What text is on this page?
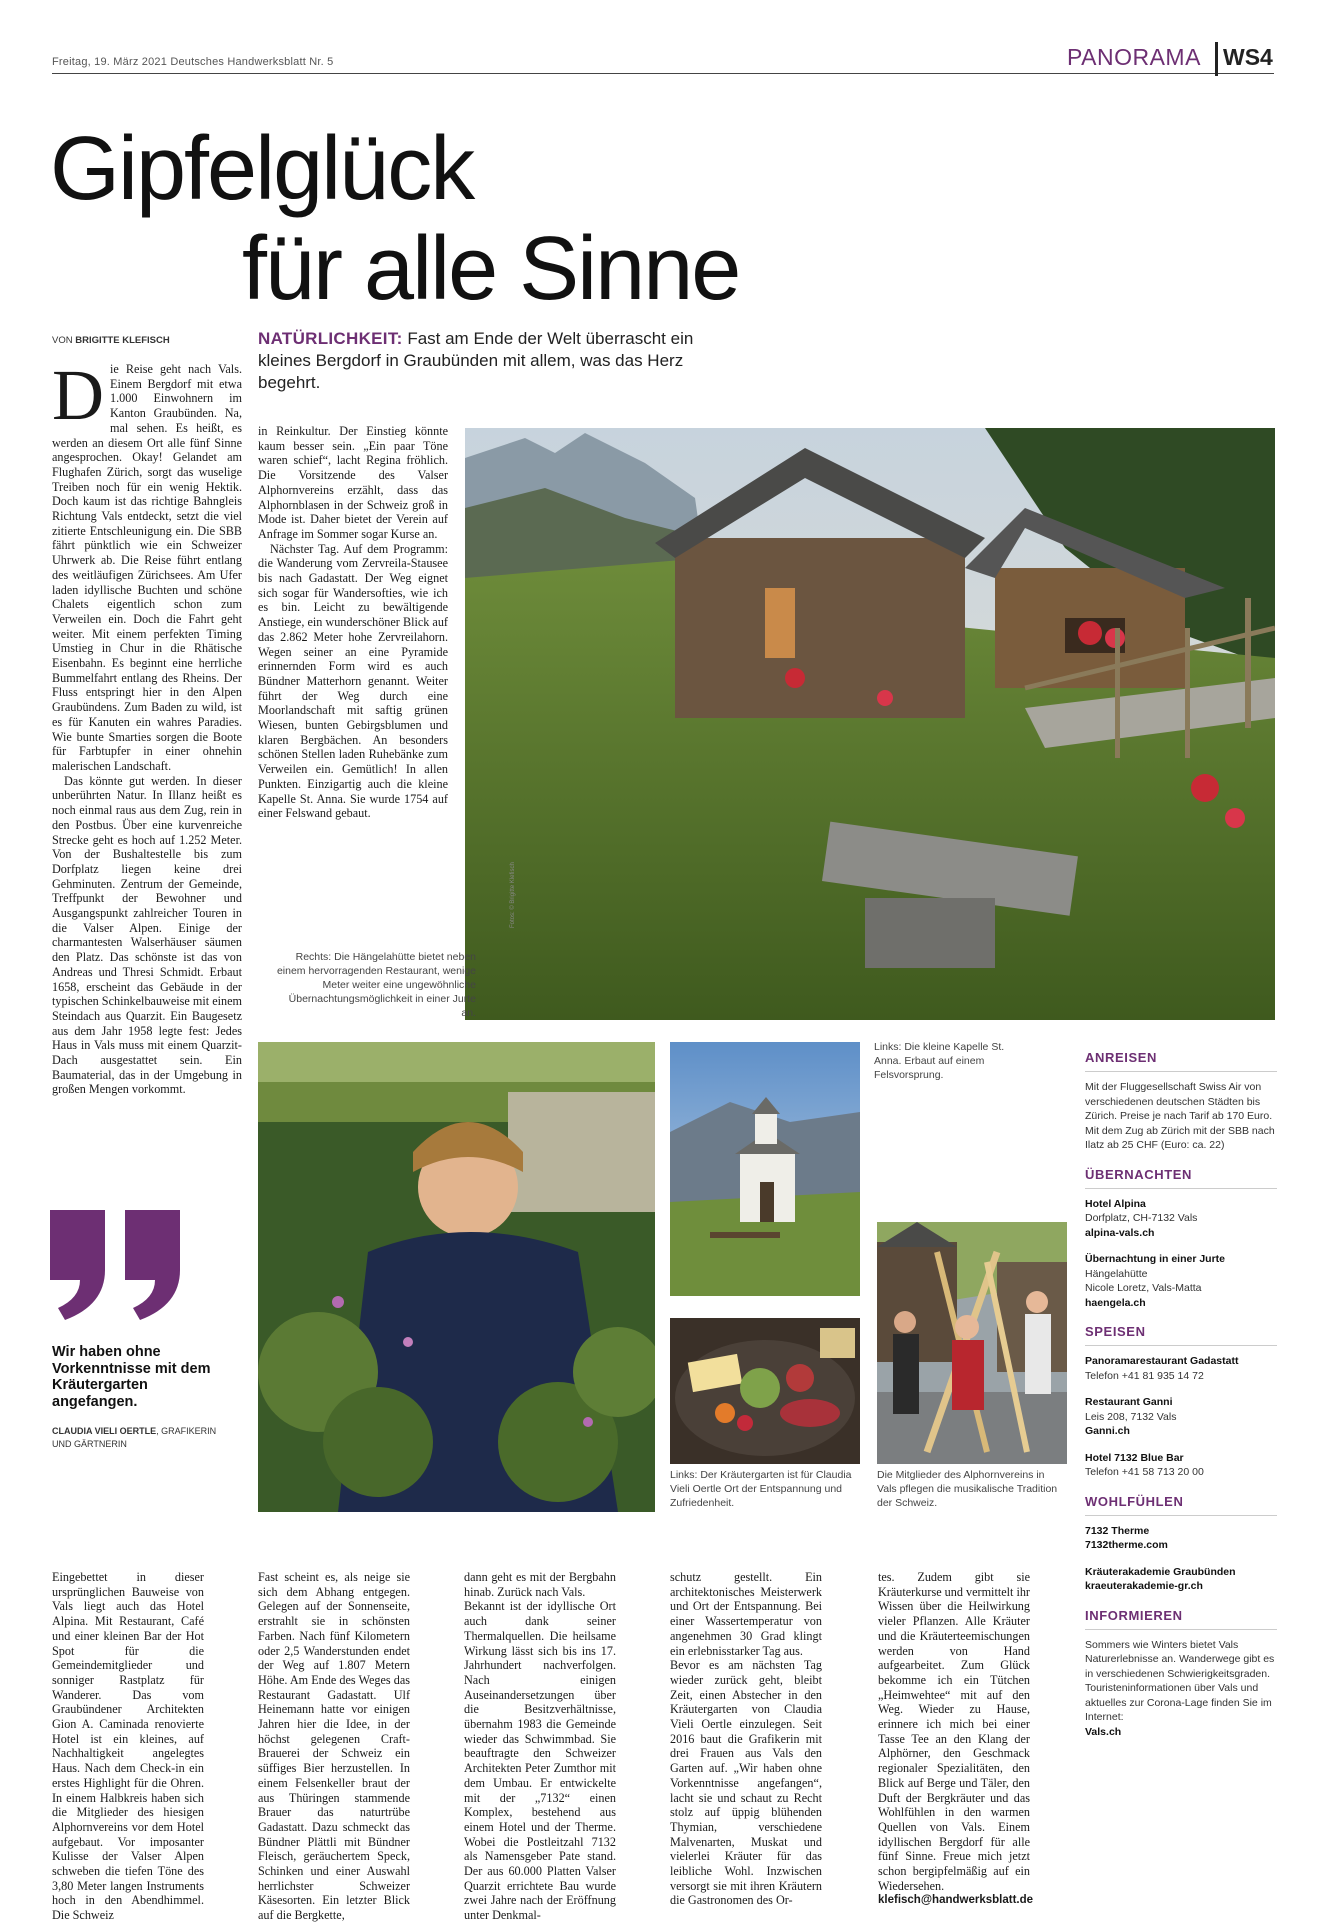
Freitag, 19. März 2021 Deutsches Handwerksblatt Nr. 5	PANORAMA WS4
Gipfelglück
für alle Sinne
VON BRIGITTE KLEFISCH	NATÜRLICHKEIT: Fast am Ende der Welt überrascht ein kleines Bergdorf in Graubünden mit allem, was das Herz begehrt.

Die Reise geht nach Vals. Einem Bergdorf mit etwa 1.000 Einwohnern im Kanton Graubünden. Na, mal sehen. Es heißt, es werden an diesem Ort alle fünf Sinne angesprochen. Okay! Gelandet am Flughafen Zürich, sorgt das wuselige Treiben noch für ein wenig Hektik. Doch kaum ist das richtige Bahngleis Richtung Vals entdeckt, setzt die viel zitierte Entschleunigung ein. Die SBB fährt pünktlich wie ein Schweizer Uhrwerk ab. Die Reise führt entlang des weitläufigen Zürichsees. Am Ufer laden idyllische Buchten und schöne Chalets eigentlich schon zum Verweilen ein. Doch die Fahrt geht weiter. Mit einem perfekten Timing Umstieg in Chur in die Rhätische Eisenbahn. Es beginnt eine herrliche Bummelfahrt entlang des Rheins. Der Fluss entspringt hier in den Alpen Graubündens. Zum Baden zu wild, ist es für Kanuten ein wahres Paradies. Wie bunte Smarties sorgen die Boote für Farbtupfer in einer ohnehin malerischen Landschaft.

Das könnte gut werden. In dieser unberührten Natur. In Illanz heißt es noch einmal raus aus dem Zug, rein in den Postbus. Über eine kurvenreiche Strecke geht es hoch auf 1.252 Meter. Von der Bushaltestelle bis zum Dorfplatz liegen keine drei Gehminuten. Zentrum der Gemeinde, Treffpunkt der Bewohner und Ausgangspunkt zahlreicher Touren in die Valser Alpen. Einige der charmantesten Walserhäuser säumen den Platz. Das schönste ist das von Andreas und Thresi Schmidt. Erbaut 1658, erscheint das Gebäude in der typischen Schinkelbauweise mit einem Steindach aus Quarzit. Ein Baugesetz aus dem Jahr 1958 legte fest: Jedes Haus in Vals muss mit einem Quarzit-Dach ausgestattet sein. Ein Baumaterial, das in der Umgebung in großen Mengen vorkommt.

in Reinkultur. Der Einstieg könnte kaum besser sein. „Ein paar Töne waren schief“, lacht Regina fröhlich. Die Vorsitzende des Valser Alphornvereins erzählt, dass das Alphornblasen in der Schweiz groß in Mode ist. Daher bietet der Verein auf Anfrage im Sommer sogar Kurse an.

Nächster Tag. Auf dem Programm: die Wanderung vom Zervreila-Stausee bis nach Gadastatt. Der Weg eignet sich sogar für Wandersofties, wie ich es bin. Leicht zu bewältigende Anstiege, ein wunderschöner Blick auf das 2.862 Meter hohe Zervreilahorn. Wegen seiner an eine Pyramide erinnernden Form wird es auch Bündner Matterhorn genannt. Weiter führt der Weg durch eine Moorlandschaft mit saftig grünen Wiesen, bunten Gebirgsblumen und klaren Bergbächen. An besonders schönen Stellen laden Ruhebänke zum Verweilen ein. Gemütlich! In allen Punkten. Einzigartig auch die kleine Kapelle St. Anna. Sie wurde 1754 auf einer Felswand gebaut.

Rechts: Die Hängelahütte bietet neben einem hervorragenden Restaurant, wenige Meter weiter eine ungewöhnliche Übernachtungsmöglichkeit in einer Jurte an.
Fotos: © Brigitte Klefisch
Links: Die kleine Kapelle St. Anna. Erbaut auf einem Felsvorsprung.
Links: Der Kräutergarten ist für Claudia Vieli Oertle Ort der Entspannung und Zufriedenheit.
Die Mitglieder des Alphornvereins in Vals pflegen die musikalische Tradition der Schweiz.
Wir haben ohne Vorkenntnisse mit dem Kräutergarten angefangen.
CLAUDIA VIELI OERTLE, GRAFIKERIN UND GÄRTNERIN
ANREISEN
Mit der Fluggesellschaft Swiss Air von verschiedenen deutschen Städten bis Zürich. Preise je nach Tarif ab 170 Euro. Mit dem Zug ab Zürich mit der SBB nach Ilatz ab 25 CHF (Euro: ca. 22)
ÜBERNACHTEN
Hotel Alpina
Dorfplatz, CH-7132 Vals
alpina-vals.ch
Übernachtung in einer Jurte
Hängelahütte
Nicole Loretz, Vals-Matta
haengela.ch
SPEISEN
Panoramarestaurant Gadastatt
Telefon +41 81 935 14 72
Restaurant Ganni
Leis 208, 7132 Vals
Ganni.ch
Hotel 7132 Blue Bar
Telefon +41 58 713 20 00
WOHLFÜHLEN
7132 Therme
7132therme.com
Kräuterakademie Graubünden
kraeuterakademie-gr.ch
INFORMIEREN
Sommers wie Winters bietet Vals Naturerlebnisse an. Wanderwege gibt es in verschiedenen Schwierigkeitsgraden. Touristeninformationen über Vals und aktuelles zur Corona-Lage finden Sie im Internet:
Vals.ch

Eingebettet in dieser ursprünglichen Bauweise von Vals liegt auch das Hotel Alpina. Mit Restaurant, Café und einer kleinen Bar der Hot Spot für die Gemeindemitglieder und sonniger Rastplatz für Wanderer. Das vom Graubündener Architekten Gion A. Caminada renovierte Hotel ist ein kleines, auf Nachhaltigkeit angelegtes Haus. Nach dem Check-in ein erstes Highlight für die Ohren. In einem Halbkreis haben sich die Mitglieder des hiesigen Alphornvereins vor dem Hotel aufgebaut. Vor imposanter Kulisse der Valser Alpen schweben die tiefen Töne des 3,80 Meter langen Instruments hoch in den Abendhimmel. Die Schweiz

Fast scheint es, als neige sie sich dem Abhang entgegen. Gelegen auf der Sonnenseite, erstrahlt sie in schönsten Farben. Nach fünf Kilometern oder 2,5 Wanderstunden endet der Weg auf 1.807 Metern Höhe. Am Ende des Weges das Restaurant Gadastatt. Ulf Heinemann hatte vor einigen Jahren hier die Idee, in der höchst gelegenen Craft-Brauerei der Schweiz ein süffiges Bier herzustellen. In einem Felsenkeller braut der aus Thüringen stammende Brauer das naturtrübe Gadastatt. Dazu schmeckt das Bündner Plättli mit Bündner Fleisch, geräuchertem Speck, Schinken und einer Auswahl herrlichster Schweizer Käsesorten. Ein letzter Blick auf die Bergkette,

dann geht es mit der Bergbahn hinab. Zurück nach Vals.
Bekannt ist der idyllische Ort auch dank seiner Thermalquellen. Die heilsame Wirkung lässt sich bis ins 17. Jahrhundert nachverfolgen. Nach einigen Auseinandersetzungen über die Besitzverhältnisse, übernahm 1983 die Gemeinde wieder das Schwimmbad. Sie beauftragte den Schweizer Architekten Peter Zumthor mit dem Umbau. Er entwickelte mit der „7132“ einen Komplex, bestehend aus einem Hotel und der Therme. Wobei die Postleitzahl 7132 als Namensgeber Pate stand. Der aus 60.000 Platten Valser Quarzit errichtete Bau wurde zwei Jahre nach der Eröffnung unter Denkmal-

schutz gestellt. Ein architektonisches Meisterwerk und Ort der Entspannung. Bei einer Wassertemperatur von angenehmen 30 Grad klingt ein erlebnisstarker Tag aus.
Bevor es am nächsten Tag wieder zurück geht, bleibt Zeit, einen Abstecher in den Kräutergarten von Claudia Vieli Oertle einzulegen. Seit 2016 baut die Grafikerin mit drei Frauen aus Vals den Garten auf. „Wir haben ohne Vorkenntnisse angefangen“, lacht sie und schaut zu Recht stolz auf üppig blühenden Thymian, verschiedene Malvenarten, Muskat und vielerlei Kräuter für das leibliche Wohl. Inzwischen versorgt sie mit ihren Kräutern die Gastronomen des Or-

tes. Zudem gibt sie Kräuterkurse und vermittelt ihr Wissen über die Heilwirkung vieler Pflanzen. Alle Kräuter und die Kräuterteemischungen werden von Hand aufgearbeitet. Zum Glück bekomme ich ein Tütchen „Heimwehtee“ mit auf den Weg. Wieder zu Hause, erinnere ich mich bei einer Tasse Tee an den Klang der Alphörner, den Geschmack regionaler Spezialitäten, den Blick auf Berge und Täler, den Duft der Bergkräuter und das Wohlfühlen in den warmen Quellen von Vals. Einem idyllischen Bergdorf für alle fünf Sinne. Freue mich jetzt schon bergipfelmäßig auf ein Wiedersehen.

klefisch@handwerksblatt.de
